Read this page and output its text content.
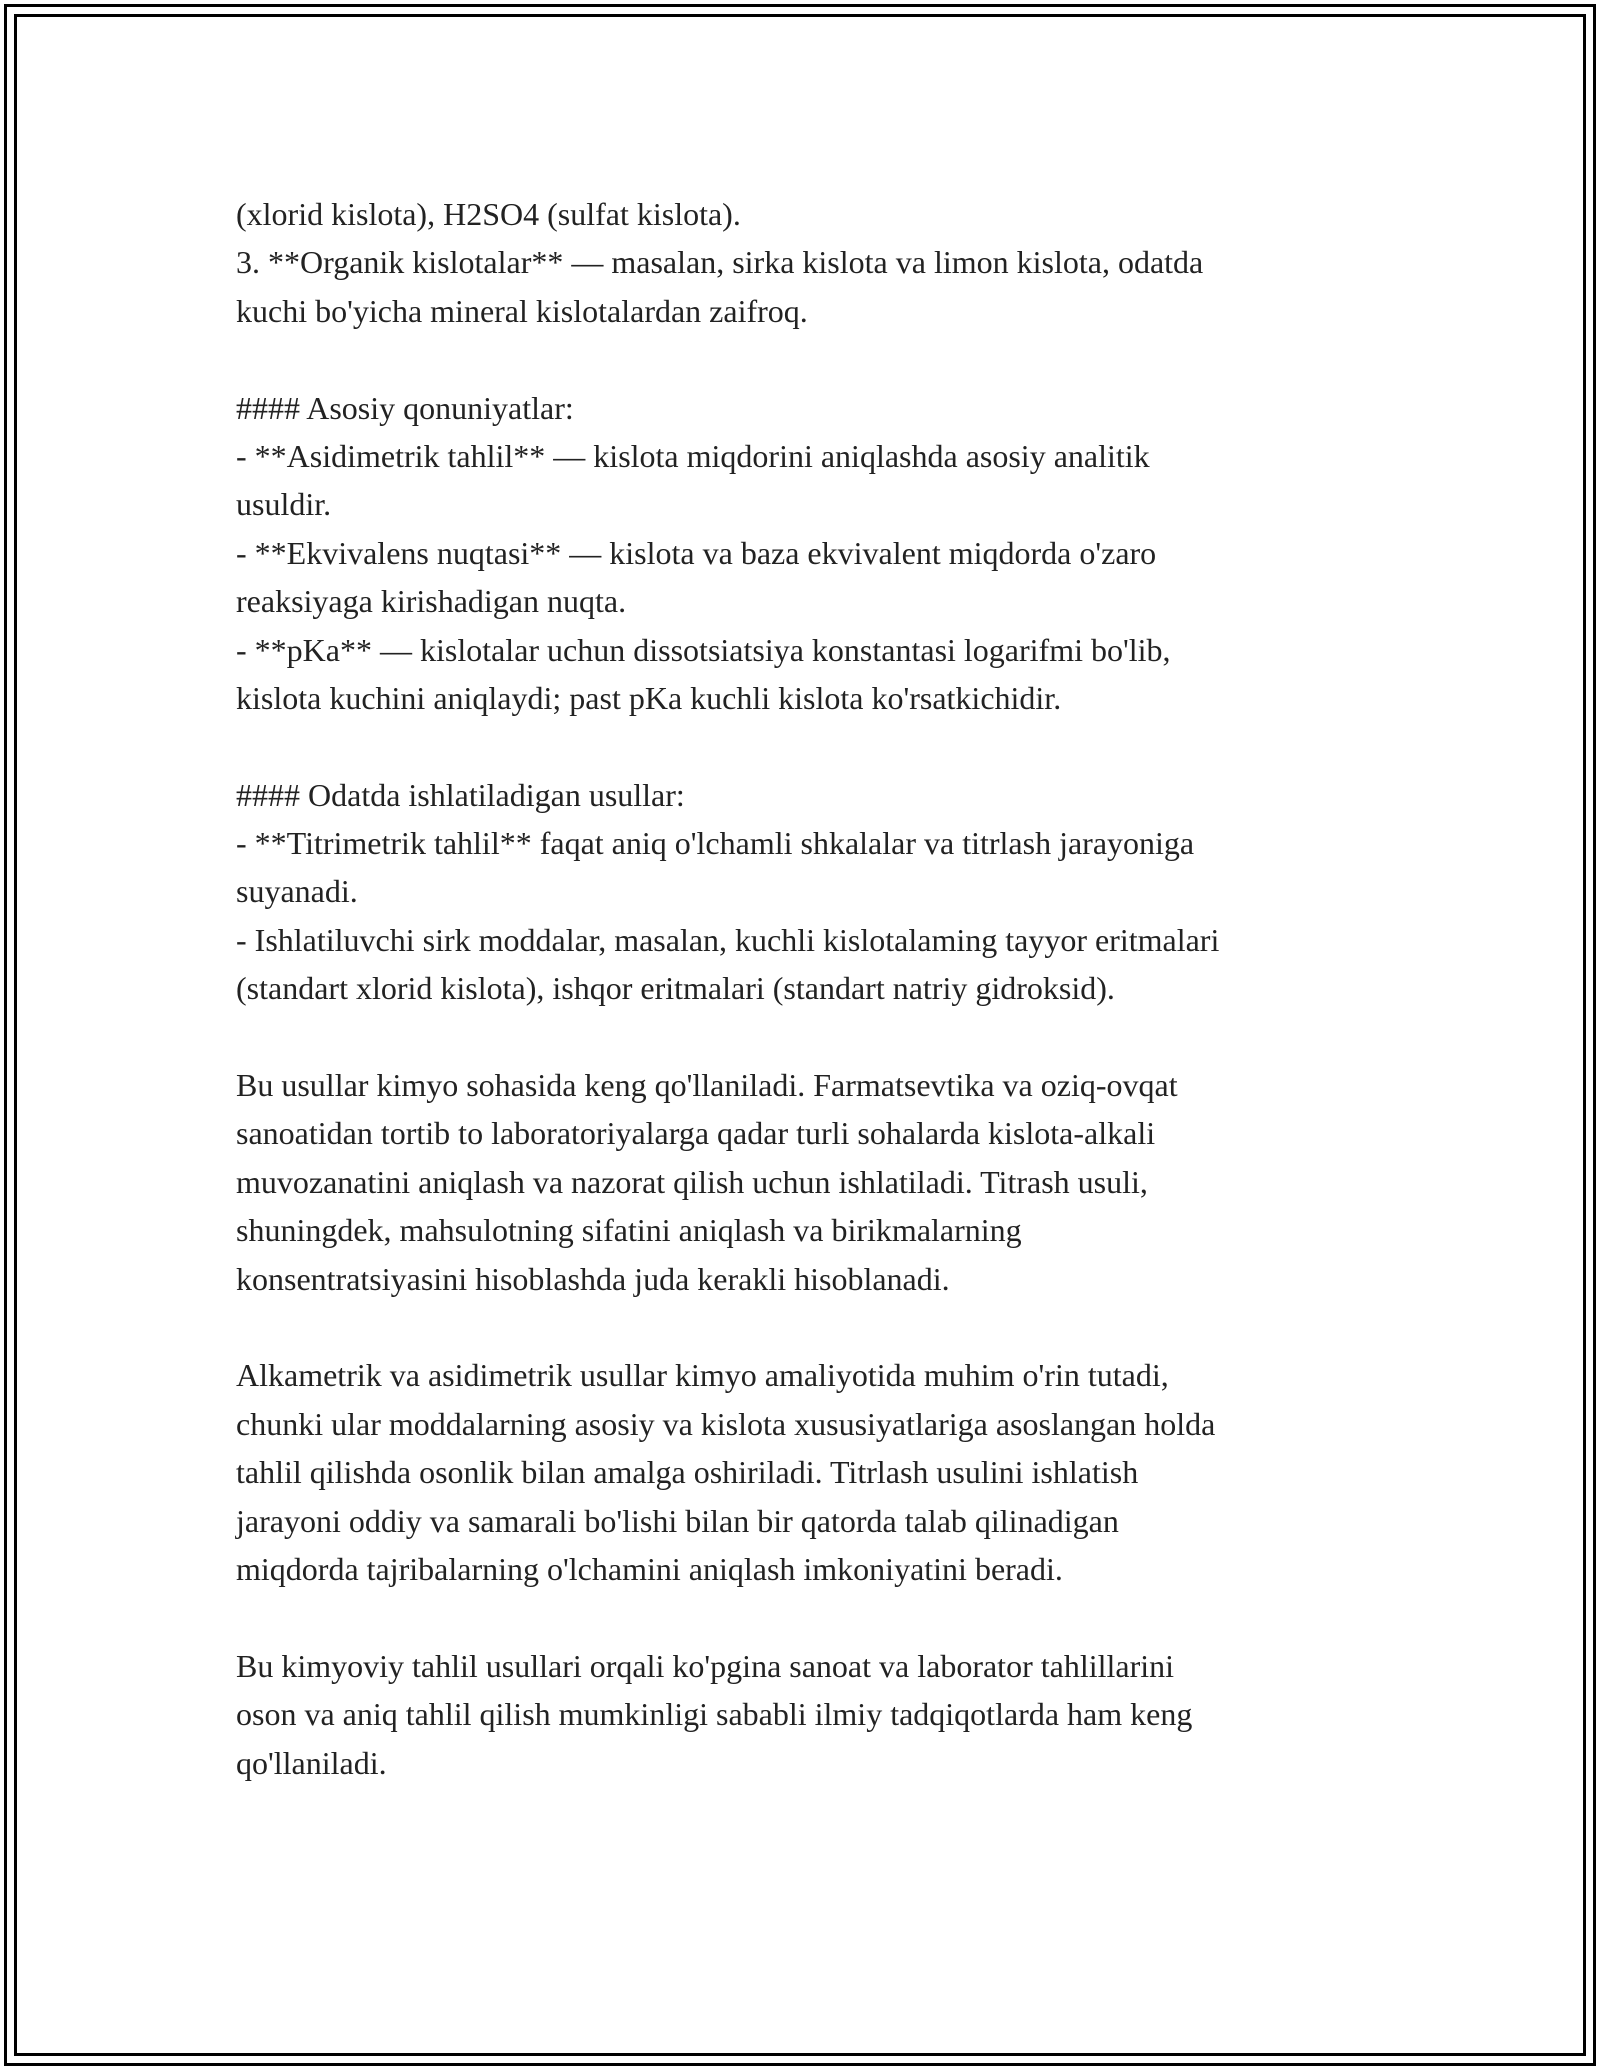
(xlorid kislota), H2SO4 (sulfat kislota).
3. **Organik kislotalar** — masalan, sirka kislota va limon kislota, odatda
kuchi bo'yicha mineral kislotalardan zaifroq.
#### Asosiy qonuniyatlar:
- **Asidimetrik tahlil** — kislota miqdorini aniqlashda asosiy analitik
usuldir.
- **Ekvivalens nuqtasi** — kislota va baza ekvivalent miqdorda o'zaro
reaksiyaga kirishadigan nuqta.
- **pKa** — kislotalar uchun dissotsiatsiya konstantasi logarifmi bo'lib,
kislota kuchini aniqlaydi; past pKa kuchli kislota ko'rsatkichidir.
#### Odatda ishlatiladigan usullar:
- **Titrimetrik tahlil** faqat aniq o'lchamli shkalalar va titrlash jarayoniga
suyanadi.
- Ishlatiluvchi sirk moddalar, masalan, kuchli kislotalaming tayyor eritmalari
(standart xlorid kislota), ishqor eritmalari (standart natriy gidroksid).
Bu usullar kimyo sohasida keng qo'llaniladi. Farmatsevtika va oziq-ovqat
sanoatidan tortib to laboratoriyalarga qadar turli sohalarda kislota-alkali
muvozanatini aniqlash va nazorat qilish uchun ishlatiladi. Titrash usuli,
shuningdek, mahsulotning sifatini aniqlash va birikmalarning
konsentratsiyasini hisoblashda juda kerakli hisoblanadi.
Alkametrik va asidimetrik usullar kimyo amaliyotida muhim o'rin tutadi,
chunki ular moddalarning asosiy va kislota xususiyatlariga asoslangan holda
tahlil qilishda osonlik bilan amalga oshiriladi. Titrlash usulini ishlatish
jarayoni oddiy va samarali bo'lishi bilan bir qatorda talab qilinadigan
miqdorda tajribalarning o'lchamini aniqlash imkoniyatini beradi.
Bu kimyoviy tahlil usullari orqali ko'pgina sanoat va laborator tahlillarini
oson va aniq tahlil qilish mumkinligi sababli ilmiy tadqiqotlarda ham keng
qo'llaniladi.
